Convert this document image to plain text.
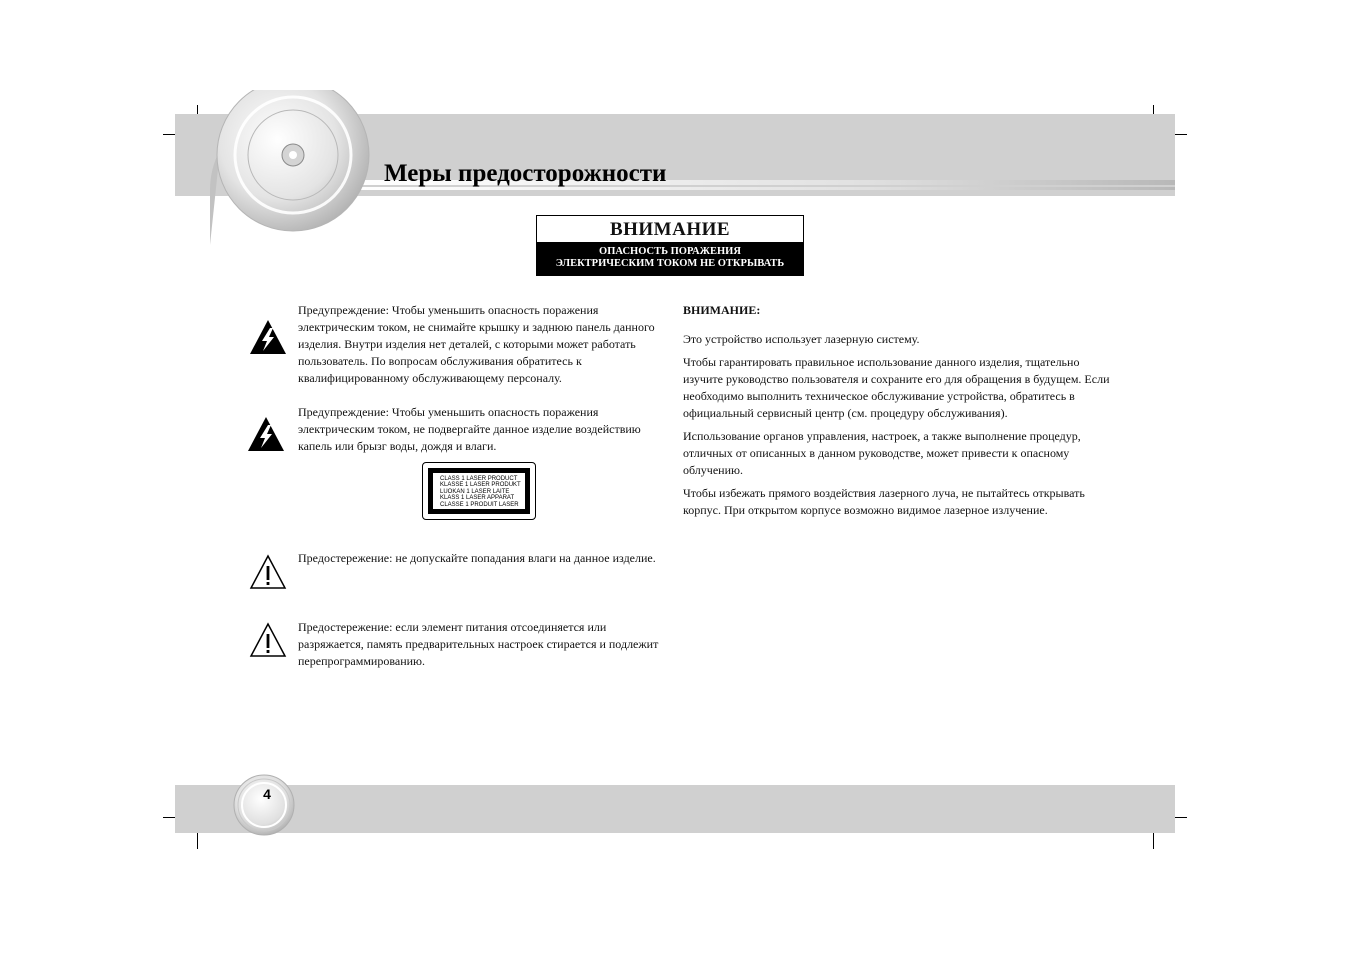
Меры предосторожности
ВНИМАНИЕ
ОПАСНОСТЬ ПОРАЖЕНИЯ
ЭЛЕКТРИЧЕСКИМ ТОКОМ НЕ ОТКРЫВАТЬ

Предупреждение: Чтобы уменьшить опасность поражения электрическим током, не снимайте крышку и заднюю панель данного изделия. Внутри изделия нет деталей, с которыми может работать пользователь. По вопросам обслуживания обратитесь к квалифицированному обслуживающему персоналу.

Предупреждение: Чтобы уменьшить опасность поражения электрическим током, не подвергайте данное изделие воздействию капель или брызг воды, дождя и влаги.

CLASS 1 LASER PRODUCT
KLASSE 1 LASER PRODUKT
LUOKAN 1 LASER LAITE
KLASS 1 LASER APPARAT
CLASSE 1 PRODUIT LASER

Предостережение: не допускайте попадания влаги на данное изделие.

Предостережение: если элемент питания отсоединяется или разряжается, память предварительных настроек стирается и подлежит перепрограммированию.

ВНИМАНИЕ:

Это устройство использует лазерную систему.

Чтобы гарантировать правильное использование данного изделия, тщательно изучите руководство пользователя и сохраните его для обращения в будущем. Если необходимо выполнить техническое обслуживание устройства, обратитесь в официальный сервисный центр (см. процедуру обслуживания).

Использование органов управления, настроек, а также выполнение процедур, отличных от описанных в данном руководстве, может привести к опасному облучению.

Чтобы избежать прямого воздействия лазерного луча, не пытайтесь открывать корпус. При открытом корпусе возможно видимое лазерное излучение.

4
